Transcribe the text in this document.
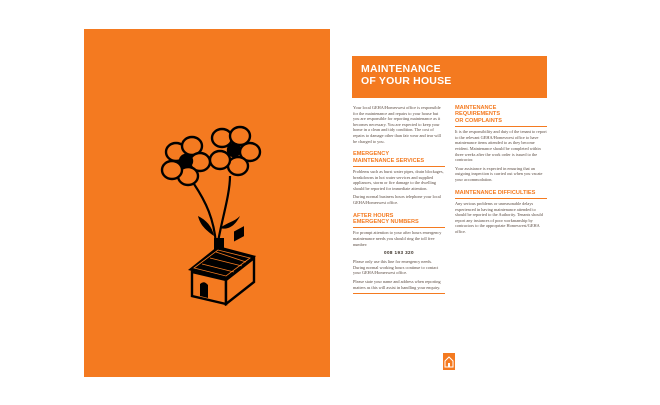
MAINTENANCE
OF YOUR HOUSE

Your local GEHA/Homeswest office is responsible for the maintenance and repairs to your house but you are responsible for reporting maintenance as it becomes necessary. You are expected to keep your home in a clean and tidy condition. The cost of repairs to damage other than fair wear and tear will be charged to you.

EMERGENCY
MAINTENANCE SERVICES

Problems such as burst water pipes, drain blockages, breakdowns in hot water services and supplied appliances, storm or fire damage to the dwelling should be reported for immediate attention.

During normal business hours telephone your local GEHA/Homeswest office.

AFTER HOURS
EMERGENCY NUMBERS

For prompt attention to your after hours emergency maintenance needs you should ring the toll free number:

008 193 320

Please only use this line for emergency needs. During normal working hours continue to contact your GEHA/Homeswest office.

Please state your name and address when reporting matters as this will assist in handling your enquiry.

MAINTENANCE
REQUIREMENTS
OR COMPLAINTS

It is the responsibility and duty of the tenant to report to the relevant GEHA/Homeswest office to have maintenance items attended to as they become evident. Maintenance should be completed within three weeks after the work order is issued to the contractor.

Your assistance is expected in ensuring that an outgoing inspection is carried out when you vacate your accommodation.

MAINTENANCE DIFFICULTIES

Any serious problems or unreasonable delays experienced in having maintenance attended to should be reported to the Authority. Tenants should report any instances of poor workmanship by contractors to the appropriate Homeswest/GEHA office.
